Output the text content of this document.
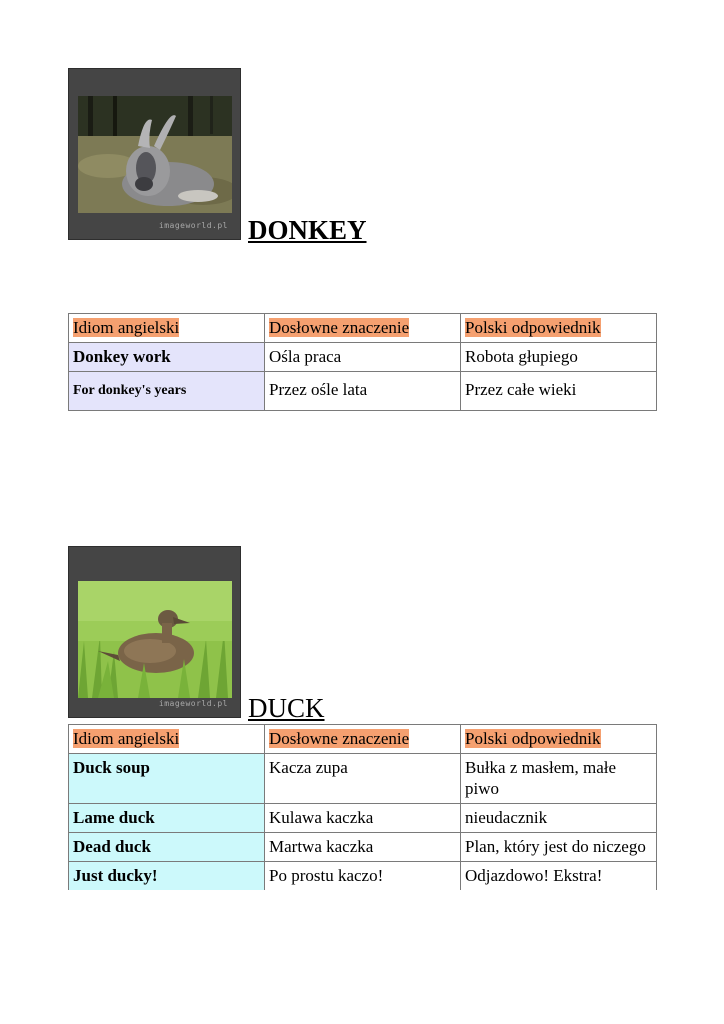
imageworld.pl DONKEY
Idiom angielski	Dosłowne znaczenie	Polski odpowiednik
Donkey work	Ośla praca	Robota głupiego
For donkey's years	Przez ośle lata	Przez całe wieki
imageworld.pl DUCK
Idiom angielski	Dosłowne znaczenie	Polski odpowiednik
Duck soup	Kacza zupa	Bułka z masłem, małe piwo
Lame duck	Kulawa kaczka	nieudacznik
Dead duck	Martwa kaczka	Plan, który jest do niczego
Just ducky!	Po prostu kaczo!	Odjazdowo! Ekstra!
